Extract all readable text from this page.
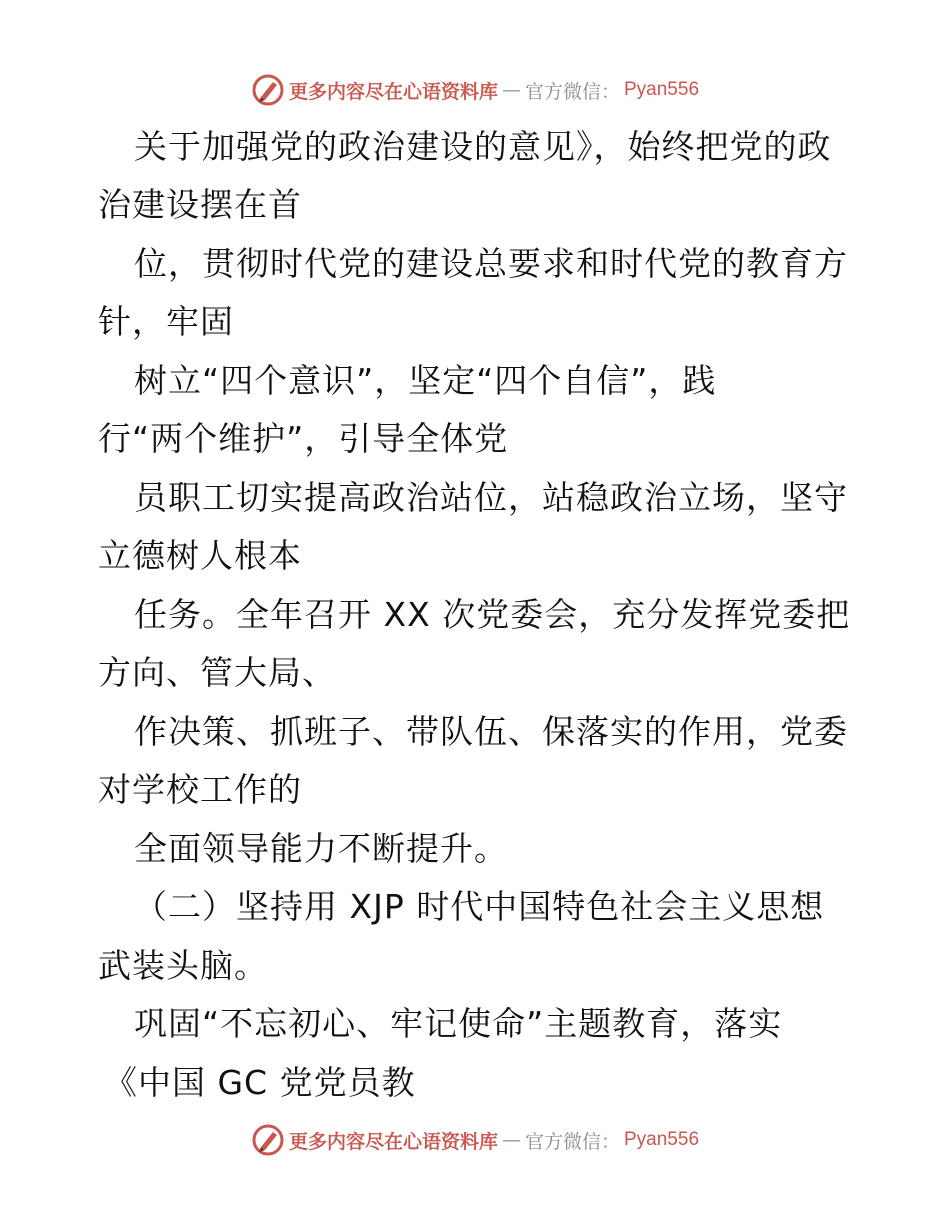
更多内容尽在心语资料库 — 官方微信： Pyan556
关于加强党的政治建设的意见》，始终把党的政
治建设摆在首
位，贯彻时代党的建设总要求和时代党的教育方
针，牢固
树立“四个意识”，坚定“四个自信”，践
行“两个维护”，引导全体党
员职工切实提高政治站位，站稳政治立场，坚守
立德树人根本
任务。全年召开 XX 次党委会，充分发挥党委把
方向、管大局、
作决策、抓班子、带队伍、保落实的作用，党委
对学校工作的
全面领导能力不断提升。
（二）坚持用 XJP 时代中国特色社会主义思想
武装头脑。
巩固“不忘初心、牢记使命”主题教育，落实
《中国 GC 党党员教
更多内容尽在心语资料库 — 官方微信： Pyan556
